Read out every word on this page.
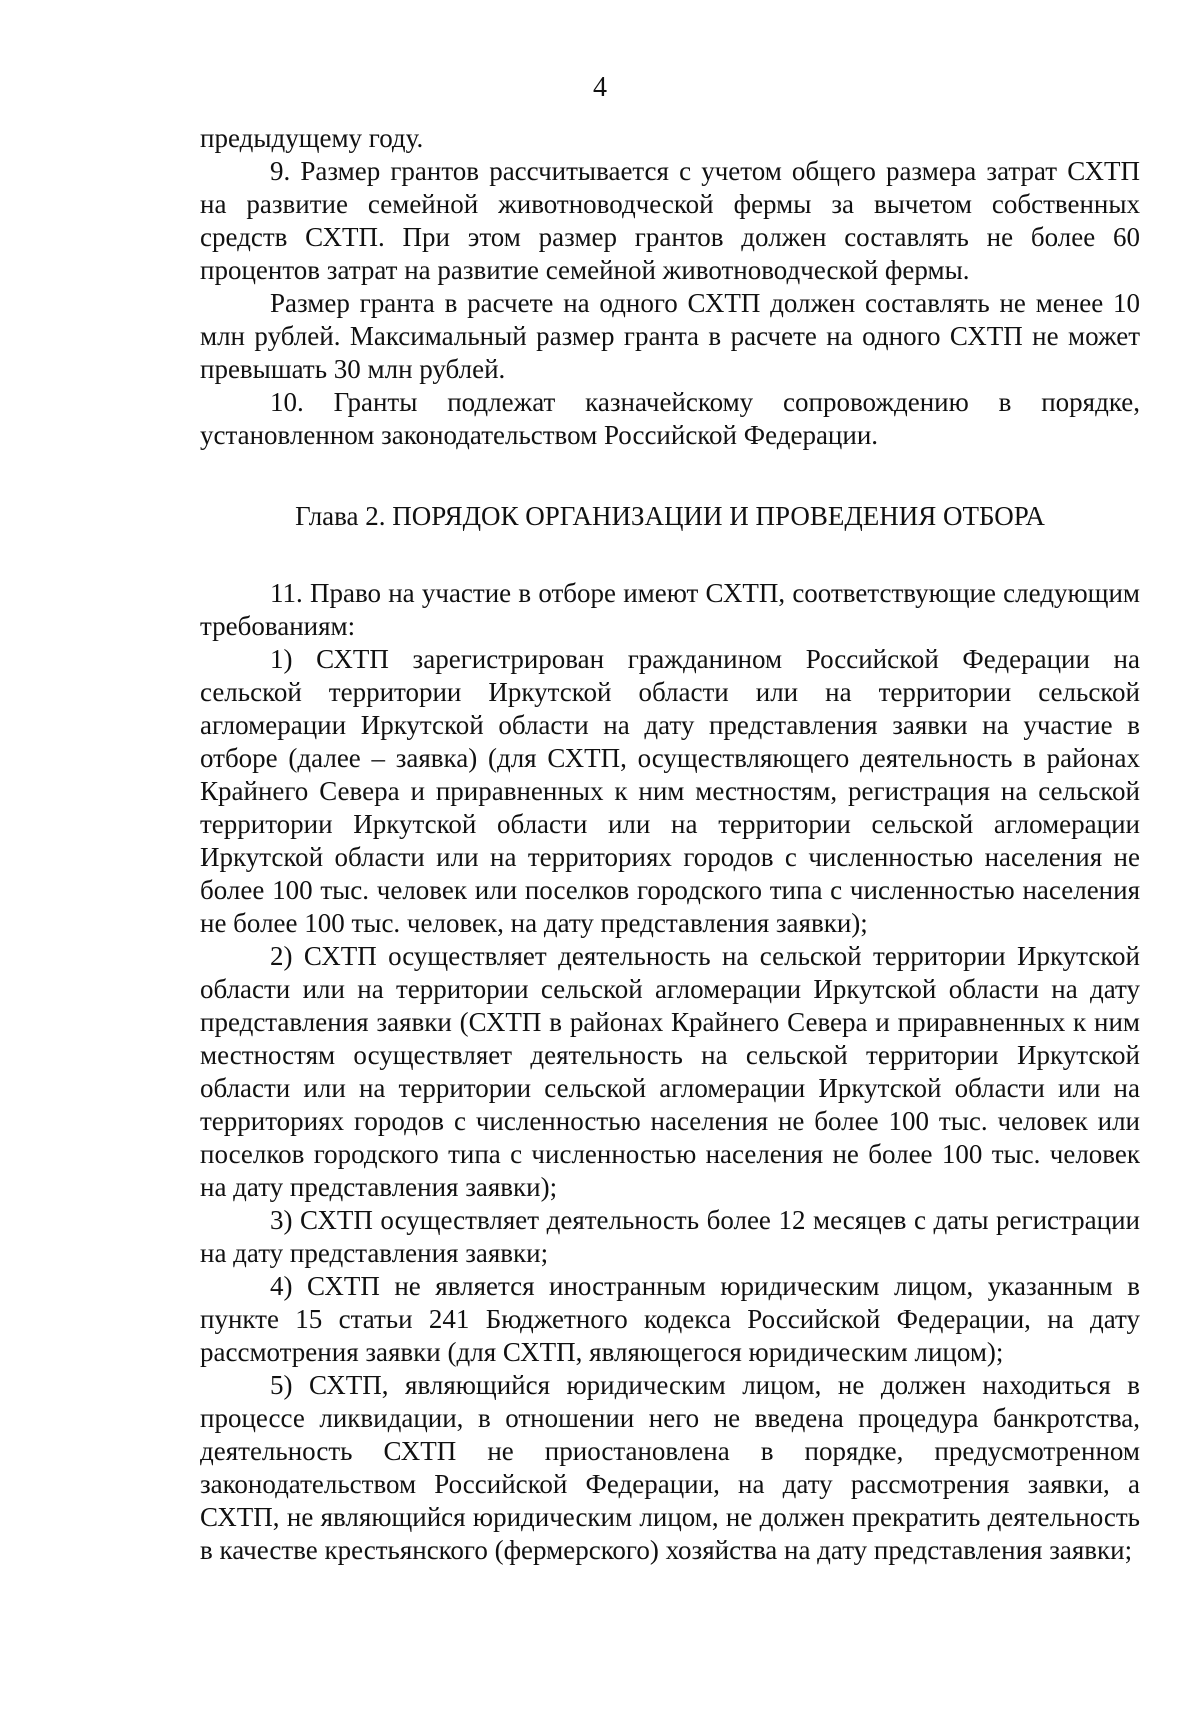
4

предыдущему году.

9. Размер грантов рассчитывается с учетом общего размера затрат СХТП на развитие семейной животноводческой фермы за вычетом собственных средств СХТП. При этом размер грантов должен составлять не более 60 процентов затрат на развитие семейной животноводческой фермы.

Размер гранта в расчете на одного СХТП должен составлять не менее 10 млн рублей. Максимальный размер гранта в расчете на одного СХТП не может превышать 30 млн рублей.

10. Гранты подлежат казначейскому сопровождению в порядке, установленном законодательством Российской Федерации.

Глава 2. ПОРЯДОК ОРГАНИЗАЦИИ И ПРОВЕДЕНИЯ ОТБОРА

11. Право на участие в отборе имеют СХТП, соответствующие следующим требованиям:

1) СХТП зарегистрирован гражданином Российской Федерации на сельской территории Иркутской области или на территории сельской агломерации Иркутской области на дату представления заявки на участие в отборе (далее – заявка) (для СХТП, осуществляющего деятельность в районах Крайнего Севера и приравненных к ним местностям, регистрация на сельской территории Иркутской области или на территории сельской агломерации Иркутской области или на территориях городов с численностью населения не более 100 тыс. человек или поселков городского типа с численностью населения не более 100 тыс. человек, на дату представления заявки);

2) СХТП осуществляет деятельность на сельской территории Иркутской области или на территории сельской агломерации Иркутской области на дату представления заявки (СХТП в районах Крайнего Севера и приравненных к ним местностям осуществляет деятельность на сельской территории Иркутской области или на территории сельской агломерации Иркутской области или на территориях городов с численностью населения не более 100 тыс. человек или поселков городского типа с численностью населения не более 100 тыс. человек на дату представления заявки);

3) СХТП осуществляет деятельность более 12 месяцев с даты регистрации на дату представления заявки;

4) СХТП не является иностранным юридическим лицом, указанным в пункте 15 статьи 241 Бюджетного кодекса Российской Федерации, на дату рассмотрения заявки (для СХТП, являющегося юридическим лицом);

5) СХТП, являющийся юридическим лицом, не должен находиться в процессе ликвидации, в отношении него не введена процедура банкротства, деятельность СХТП не приостановлена в порядке, предусмотренном законодательством Российской Федерации, на дату рассмотрения заявки, а СХТП, не являющийся юридическим лицом, не должен прекратить деятельность в качестве крестьянского (фермерского) хозяйства на дату представления заявки;
